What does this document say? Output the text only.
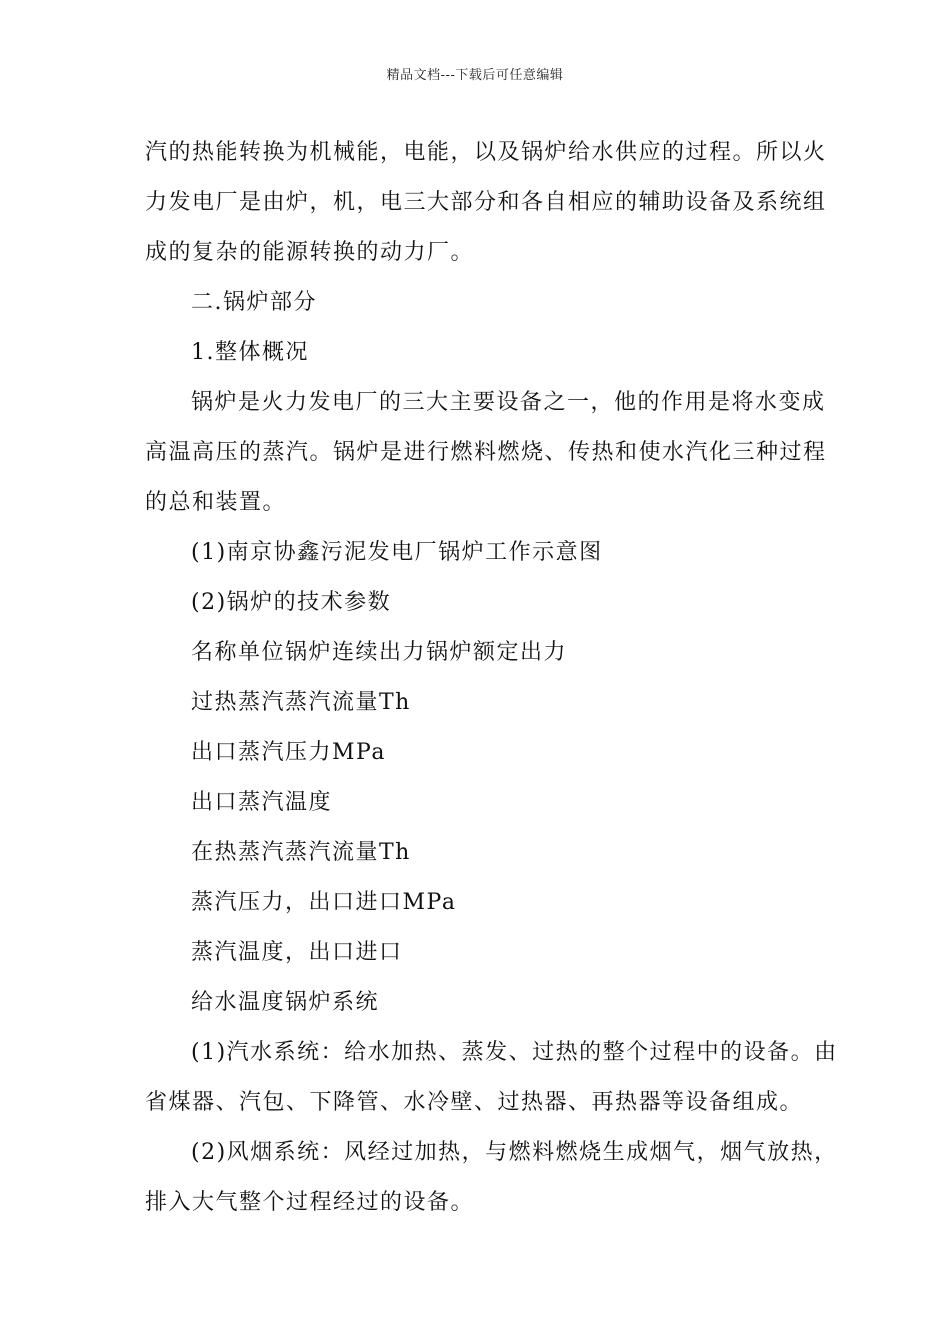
精品文档---下载后可任意编辑

汽的热能转换为机械能，电能，以及锅炉给水供应的过程。所以火
力发电厂是由炉，机，电三大部分和各自相应的辅助设备及系统组
成的复杂的能源转换的动力厂。

二.锅炉部分

1.整体概况

锅炉是火力发电厂的三大主要设备之一，他的作用是将水变成
高温高压的蒸汽。锅炉是进行燃料燃烧、传热和使水汽化三种过程
的总和装置。

(1)南京协鑫污泥发电厂锅炉工作示意图

(2)锅炉的技术参数

名称单位锅炉连续出力锅炉额定出力

过热蒸汽蒸汽流量Th

出口蒸汽压力MPa

出口蒸汽温度

在热蒸汽蒸汽流量Th

蒸汽压力，出口进口MPa

蒸汽温度，出口进口

给水温度锅炉系统

(1)汽水系统：给水加热、蒸发、过热的整个过程中的设备。由
省煤器、汽包、下降管、水冷壁、过热器、再热器等设备组成。

(2)风烟系统：风经过加热，与燃料燃烧生成烟气，烟气放热，
排入大气整个过程经过的设备。
